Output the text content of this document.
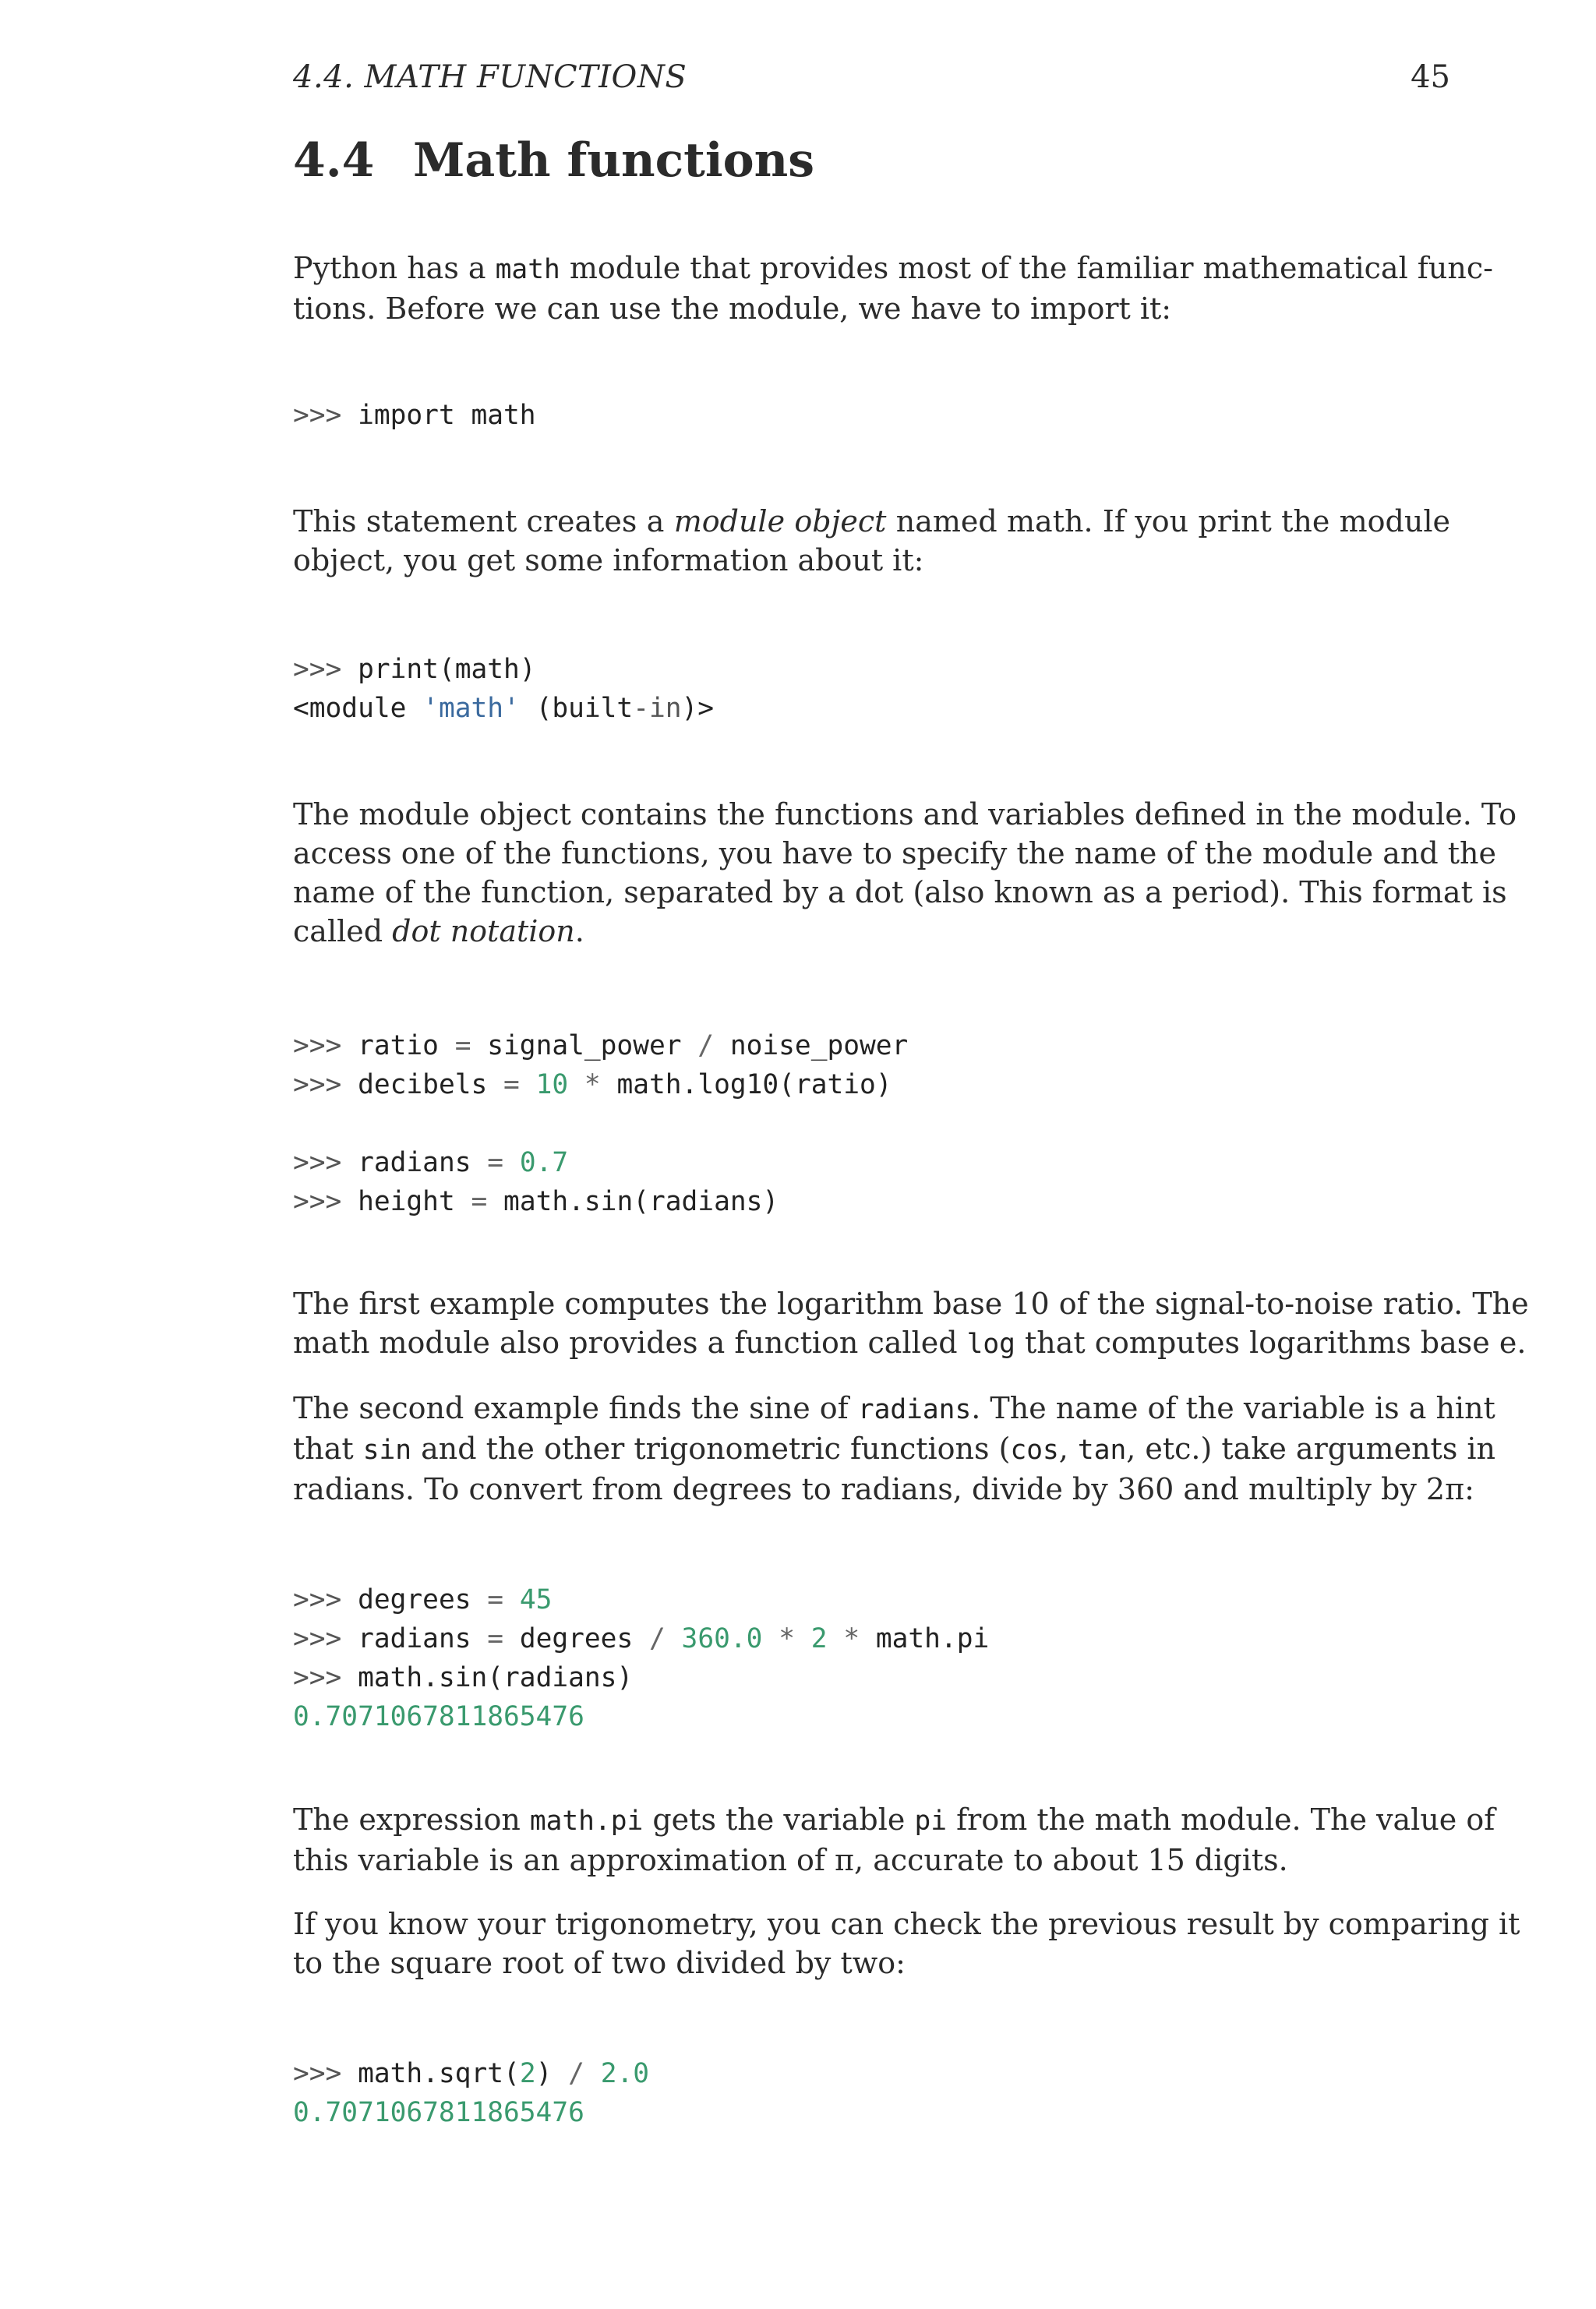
4.4. MATH FUNCTIONS	45
4.4 Math functions
Python has a math module that provides most of the familiar mathematical func-
tions. Before we can use the module, we have to import it:
>>> import math
This statement creates a module object named math. If you print the module
object, you get some information about it:
>>> print(math)
<module 'math' (built-in)>
The module object contains the functions and variables defined in the module. To
access one of the functions, you have to specify the name of the module and the
name of the function, separated by a dot (also known as a period). This format is
called dot notation.
>>> ratio = signal_power / noise_power
>>> decibels = 10 * math.log10(ratio)
>>> radians = 0.7
>>> height = math.sin(radians)
The first example computes the logarithm base 10 of the signal-to-noise ratio. The
math module also provides a function called log that computes logarithms base e.
The second example finds the sine of radians. The name of the variable is a hint
that sin and the other trigonometric functions (cos, tan, etc.) take arguments in
radians. To convert from degrees to radians, divide by 360 and multiply by 2π:
>>> degrees = 45
>>> radians = degrees / 360.0 * 2 * math.pi
>>> math.sin(radians)
0.7071067811865476
The expression math.pi gets the variable pi from the math module. The value of
this variable is an approximation of π, accurate to about 15 digits.
If you know your trigonometry, you can check the previous result by comparing it
to the square root of two divided by two:
>>> math.sqrt(2) / 2.0
0.7071067811865476
